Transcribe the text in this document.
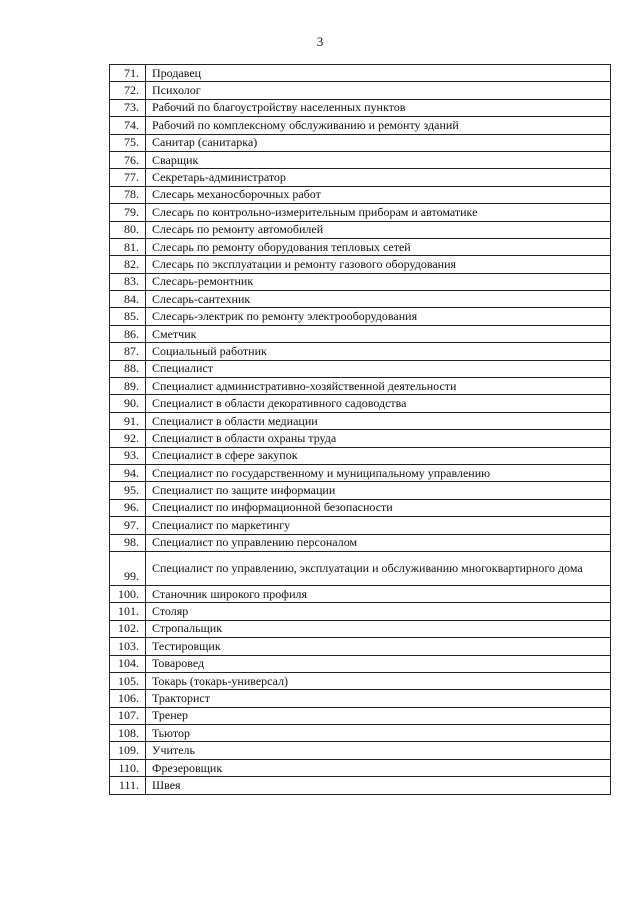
3
71.	Продавец
72.	Психолог
73.	Рабочий по благоустройству населенных пунктов
74.	Рабочий по комплексному обслуживанию и ремонту зданий
75.	Санитар (санитарка)
76.	Сварщик
77.	Секретарь-администратор
78.	Слесарь механосборочных работ
79.	Слесарь по контрольно-измерительным приборам и автоматике
80.	Слесарь по ремонту автомобилей
81.	Слесарь по ремонту оборудования тепловых сетей
82.	Слесарь по эксплуатации и ремонту газового оборудования
83.	Слесарь-ремонтник
84.	Слесарь-сантехник
85.	Слесарь-электрик по ремонту электрооборудования
86.	Сметчик
87.	Социальный работник
88.	Специалист
89.	Специалист административно-хозяйственной деятельности
90.	Специалист в области декоративного садоводства
91.	Специалист в области медиации
92.	Специалист в области охраны труда
93.	Специалист в сфере закупок
94.	Специалист по государственному и муниципальному управлению
95.	Специалист по защите информации
96.	Специалист по информационной безопасности
97.	Специалист по маркетингу
98.	Специалист по управлению персоналом
99.	Специалист по управлению, эксплуатации и обслуживанию многоквартирного дома
100.	Станочник широкого профиля
101.	Столяр
102.	Стропальщик
103.	Тестировщик
104.	Товаровед
105.	Токарь (токарь-универсал)
106.	Тракторист
107.	Тренер
108.	Тьютор
109.	Учитель
110.	Фрезеровщик
111.	Швея
